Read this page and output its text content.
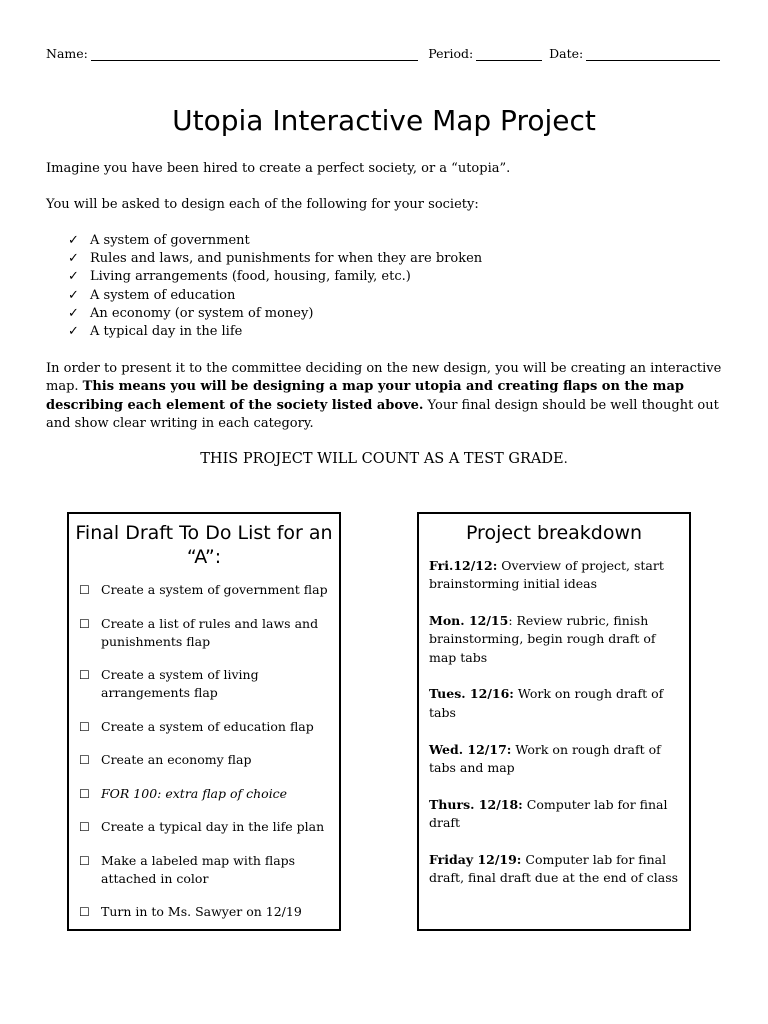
Name:	Period:	Date:
Utopia Interactive Map Project
Imagine you have been hired to create a perfect society, or a “utopia”.
You will be asked to design each of the following for your society:
✓ A system of government
✓ Rules and laws, and punishments for when they are broken
✓ Living arrangements (food, housing, family, etc.)
✓ A system of education
✓ An economy (or system of money)
✓ A typical day in the life
In order to present it to the committee deciding on the new design, you will be creating an interactive map. This means you will be designing a map your utopia and creating flaps on the map describing each element of the society listed above. Your final design should be well thought out and show clear writing in each category.
THIS PROJECT WILL COUNT AS A TEST GRADE.
Final Draft To Do List for an “A”:
☐ Create a system of government flap
☐ Create a list of rules and laws and punishments flap
☐ Create a system of living arrangements flap
☐ Create a system of education flap
☐ Create an economy flap
☐ FOR 100: extra flap of choice
☐ Create a typical day in the life plan
☐ Make a labeled map with flaps attached in color
☐ Turn in to Ms. Sawyer on 12/19
Project breakdown
Fri.12/12: Overview of project, start brainstorming initial ideas
Mon. 12/15: Review rubric, finish brainstorming, begin rough draft of map tabs
Tues. 12/16: Work on rough draft of tabs
Wed. 12/17: Work on rough draft of tabs and map
Thurs. 12/18: Computer lab for final draft
Friday 12/19: Computer lab for final draft, final draft due at the end of class
